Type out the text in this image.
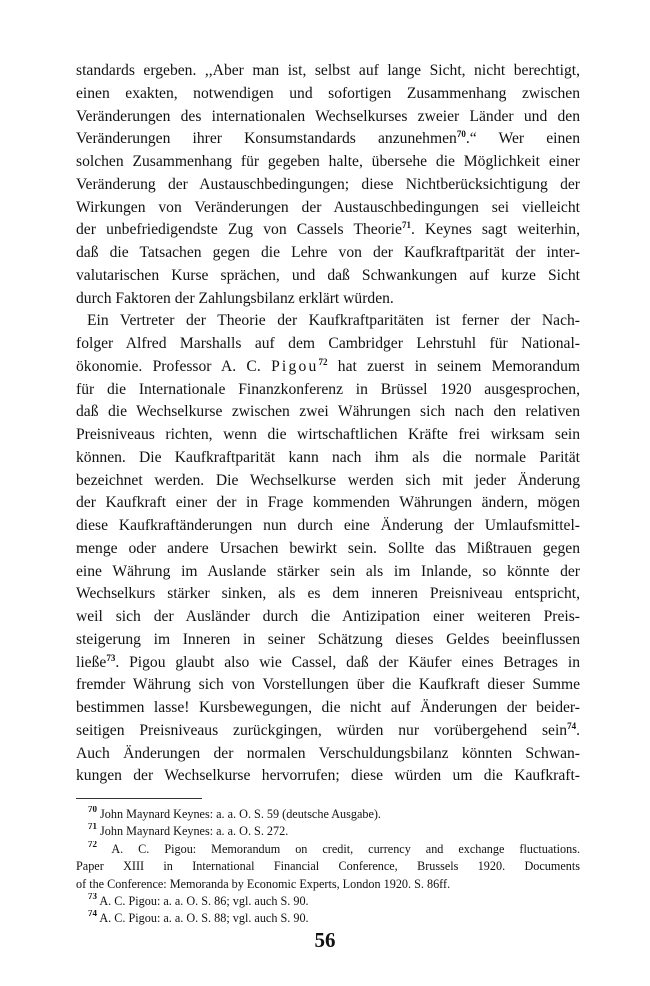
standards ergeben. ,,Aber man ist, selbst auf lange Sicht, nicht berechtigt,
einen exakten, notwendigen und sofortigen Zusammenhang zwischen
Veränderungen des internationalen Wechselkurses zweier Länder und den
Veränderungen ihrer Konsumstandards anzunehmen$^{70}$.“ Wer einen
solchen Zusammenhang für gegeben halte, übersehe die Möglichkeit einer
Veränderung der Austauschbedingungen; diese Nichtberücksichtigung der
Wirkungen von Veränderungen der Austauschbedingungen sei vielleicht
der unbefriedigendste Zug von Cassels Theorie$^{71}$. Keynes sagt weiterhin,
daß die Tatsachen gegen die Lehre von der Kaufkraftparität der inter-
valutarischen Kurse sprächen, und daß Schwankungen auf kurze Sicht
durch Faktoren der Zahlungsbilanz erklärt würden.
Ein Vertreter der Theorie der Kaufkraftparitäten ist ferner der Nach-
folger Alfred Marshalls auf dem Cambridger Lehrstuhl für National-
ökonomie. Professor A. C. Pigou$^{72}$ hat zuerst in seinem Memorandum
für die Internationale Finanzkonferenz in Brüssel 1920 ausgesprochen,
daß die Wechselkurse zwischen zwei Währungen sich nach den relativen
Preisniveaus richten, wenn die wirtschaftlichen Kräfte frei wirksam sein
können. Die Kaufkraftparität kann nach ihm als die normale Parität
bezeichnet werden. Die Wechselkurse werden sich mit jeder Änderung
der Kaufkraft einer der in Frage kommenden Währungen ändern, mögen
diese Kaufkraftänderungen nun durch eine Änderung der Umlaufsmittel-
menge oder andere Ursachen bewirkt sein. Sollte das Mißtrauen gegen
eine Währung im Auslande stärker sein als im Inlande, so könnte der
Wechselkurs stärker sinken, als es dem inneren Preisniveau entspricht,
weil sich der Ausländer durch die Antizipation einer weiteren Preis-
steigerung im Inneren in seiner Schätzung dieses Geldes beeinflussen
ließe$^{73}$. Pigou glaubt also wie Cassel, daß der Käufer eines Betrages in
fremder Währung sich von Vorstellungen über die Kaufkraft dieser Summe
bestimmen lasse! Kursbewegungen, die nicht auf Änderungen der beider-
seitigen Preisniveaus zurückgingen, würden nur vorübergehend sein$^{74}$.
Auch Änderungen der normalen Verschuldungsbilanz könnten Schwan-
kungen der Wechselkurse hervorrufen; diese würden um die Kaufkraft-
$^{70}$ John Maynard Keynes: a. a. O. S. 59 (deutsche Ausgabe).
$^{71}$ John Maynard Keynes: a. a. O. S. 272.
$^{72}$ A. C. Pigou: Memorandum on credit, currency and exchange fluctuations.
Paper XIII in International Financial Conference, Brussels 1920. Documents
of the Conference: Memoranda by Economic Experts, London 1920. S. 86ff.
$^{73}$ A. C. Pigou: a. a. O. S. 86; vgl. auch S. 90.
$^{74}$ A. C. Pigou: a. a. O. S. 88; vgl. auch S. 90.
56
